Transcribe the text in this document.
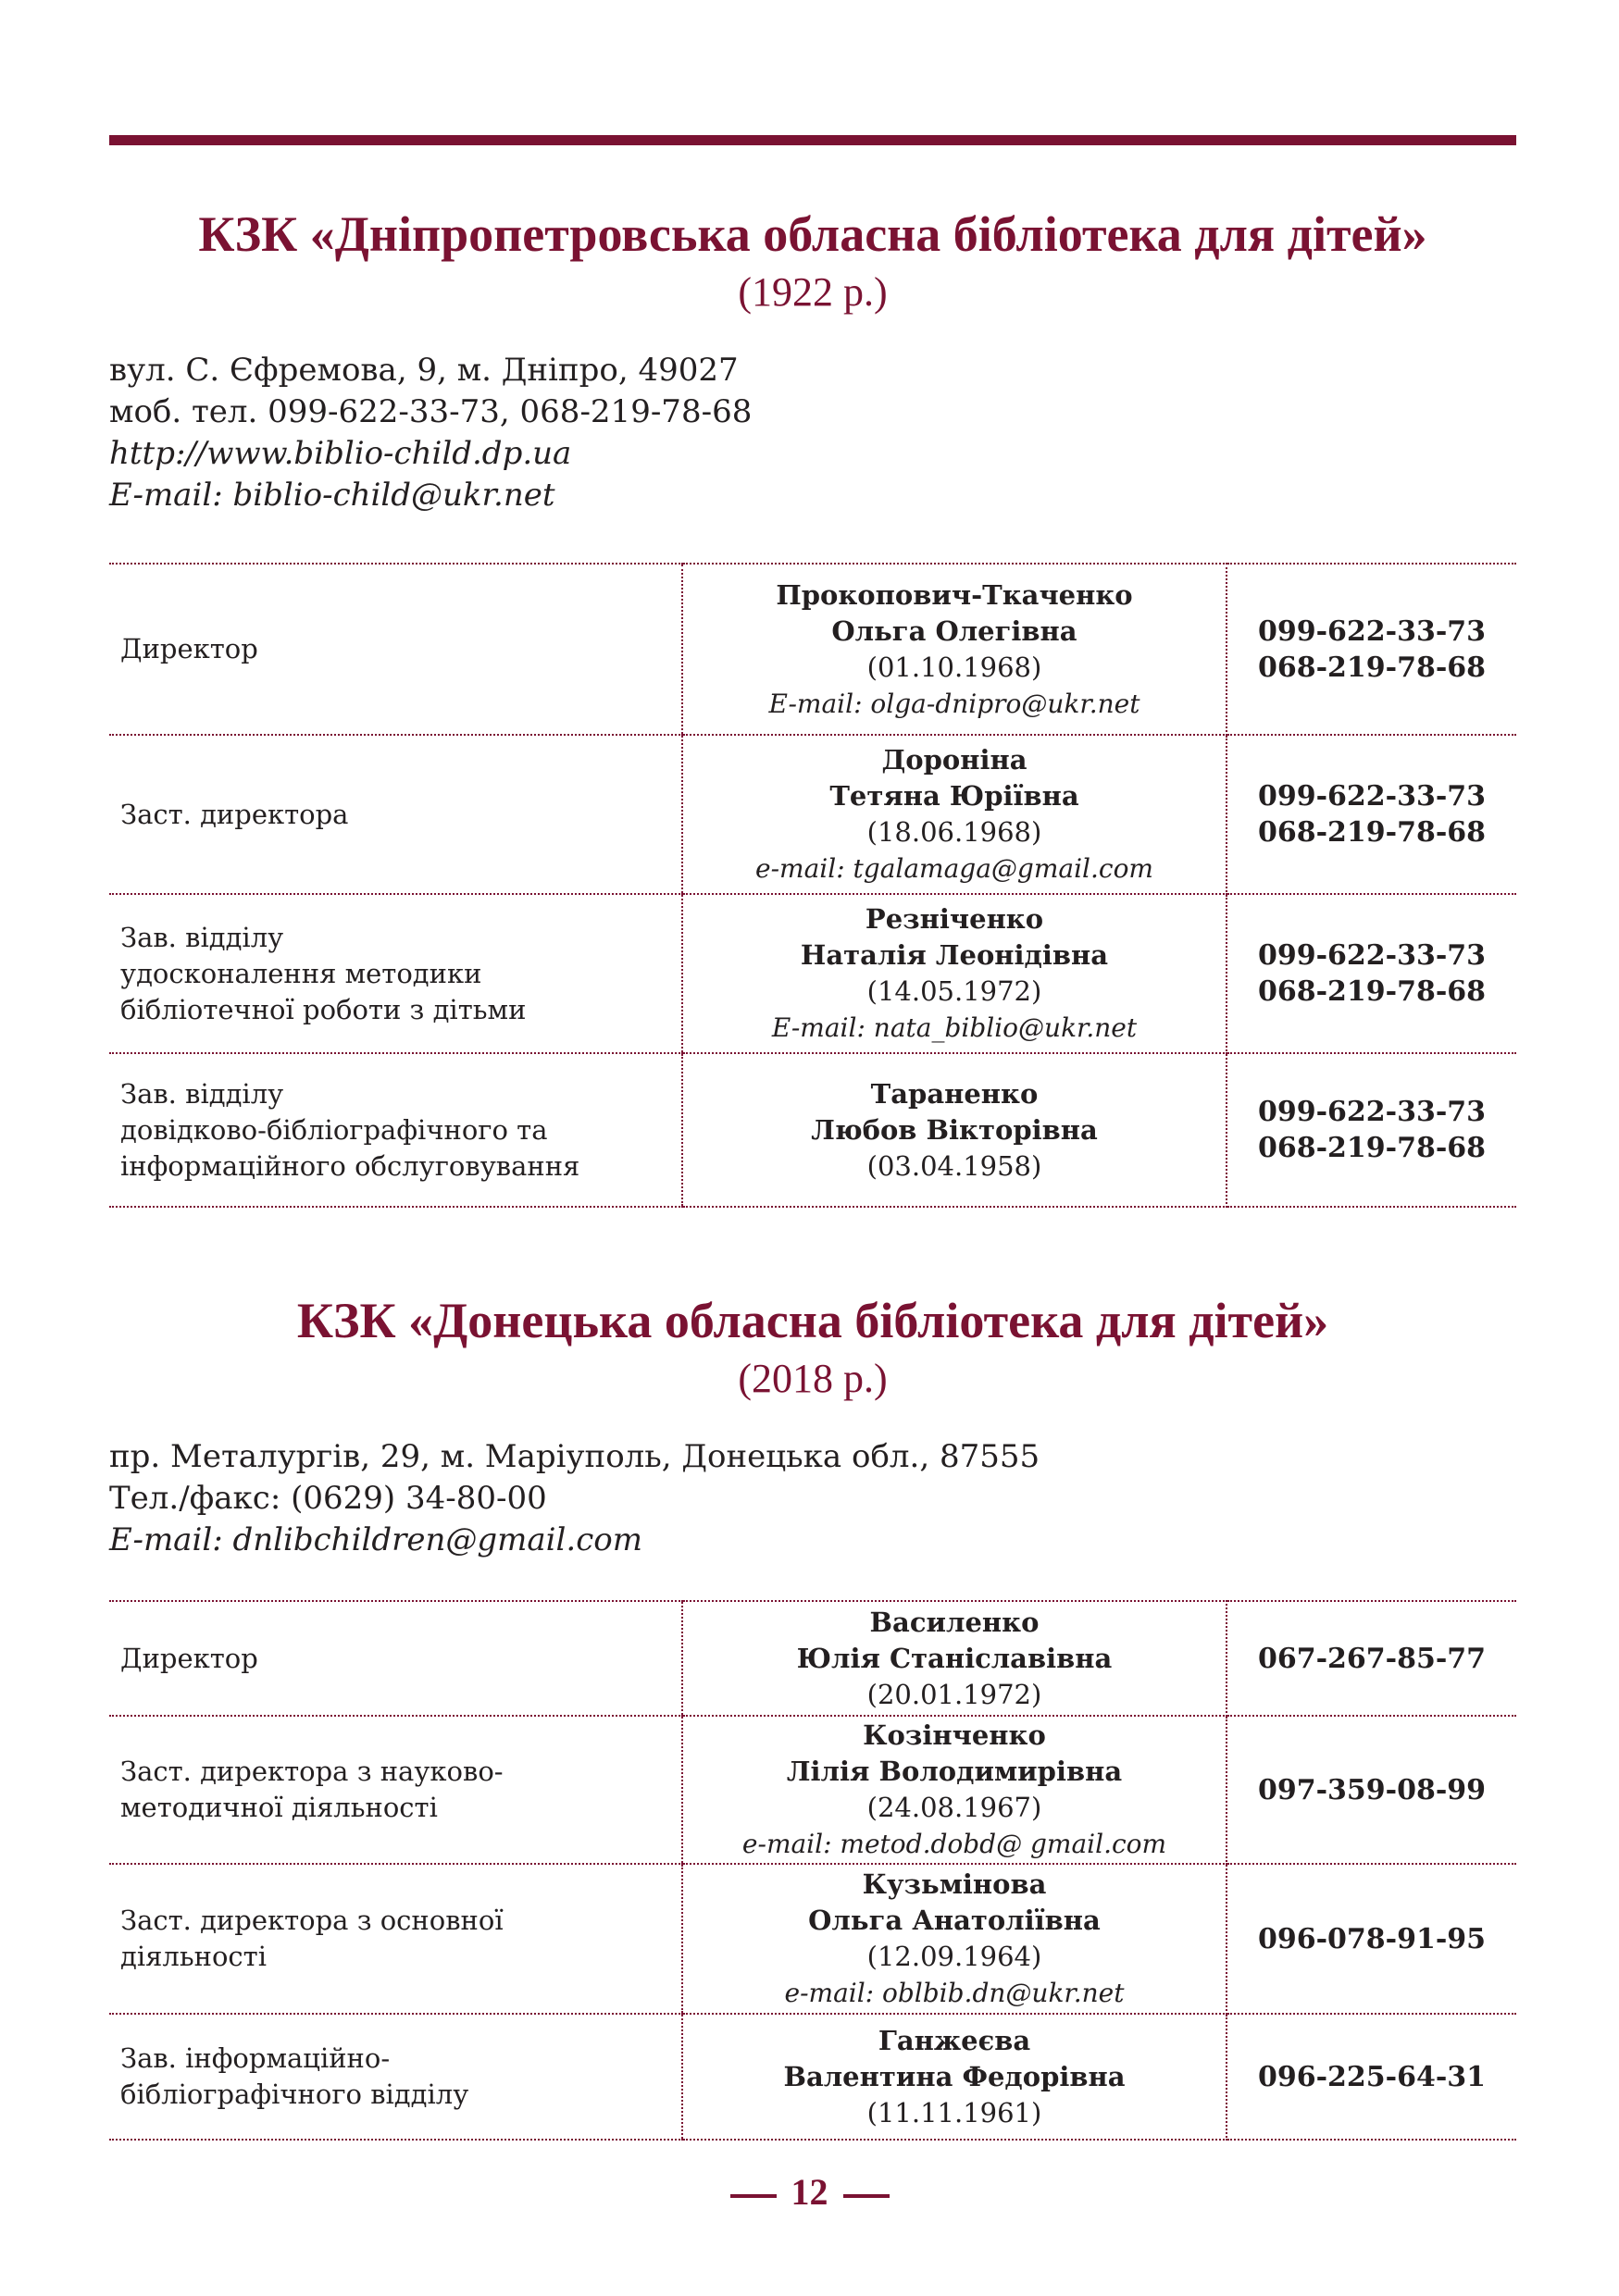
КЗК «Дніпропетровська обласна бібліотека для дітей»
(1922 р.)
вул. С. Єфремова, 9, м. Дніпро, 49027
моб. тел. 099-622-33-73, 068-219-78-68
http://www.biblio-child.dp.ua
E-mail: biblio-child@ukr.net
Директор	Прокопович-Ткаченко
Ольга Олегівна
(01.10.1968)
E-mail: olga-dnipro@ukr.net	099-622-33-73
068-219-78-68

Заст. директора	Дороніна
Тетяна Юріївна
(18.06.1968)
e-mail: tgalamaga@gmail.com	099-622-33-73
068-219-78-68

Зав. відділу
удосконалення методики
бібліотечної роботи з дітьми	Резніченко
Наталія Леонідівна
(14.05.1972)
E-mail: nata_biblio@ukr.net	099-622-33-73
068-219-78-68

Зав. відділу
довідково-бібліографічного та
інформаційного обслуговування	Тараненко
Любов Вікторівна
(03.04.1958)	099-622-33-73
068-219-78-68
КЗК «Донецька обласна бібліотека для дітей»
(2018 р.)
пр. Металургів, 29, м. Маріуполь, Донецька обл., 87555
Тел./факс: (0629) 34-80-00
E-mail: dnlibchildren@gmail.com
Директор	Василенко
Юлія Станіславівна
(20.01.1972)	067-267-85-77

Заст. директора з науково-
методичної діяльності	Козінченко
Лілія Володимирівна
(24.08.1967)
e-mail: metod.dobd@ gmail.com	097-359-08-99

Заст. директора з основної
діяльності	Кузьмінова
Ольга Анатоліївна
(12.09.1964)
e-mail: oblbib.dn@ukr.net	096-078-91-95

Зав. інформаційно-
бібліографічного відділу	Ганжеєва
Валентина Федорівна
(11.11.1961)	096-225-64-31
12
